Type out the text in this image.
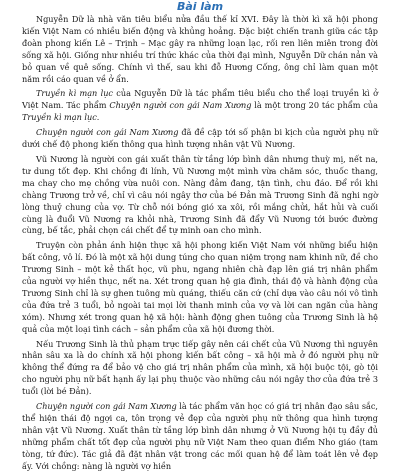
Bài làm

Nguyễn Dữ là nhà văn tiêu biểu nửa đầu thế kỉ XVI. Đây là thời kì xã hội phong kiến Việt Nam có nhiều biến động và khủng hoảng. Đặc biệt chiến tranh giữa các tập đoàn phong kiến Lê – Trịnh – Mạc gây ra những loạn lạc, rối ren liên miên trong đời sống xã hội. Giống như nhiều trí thức khác của thời đại mình, Nguyễn Dữ chán nản và bỏ quan về quê sống. Chính vì thế, sau khi đỗ Hương Cống, ông chỉ làm quan một năm rồi cáo quan về ở ẩn.

Truyền kì mạn lục của Nguyễn Dữ là tác phẩm tiêu biểu cho thể loại truyền kì ở Việt Nam. Tác phẩm Chuyện người con gái Nam Xương là một trong 20 tác phẩm của Truyền kì mạn lục.

Chuyện người con gái Nam Xương đã đề cập tới số phận bi kịch của người phụ nữ dưới chế độ phong kiến thông qua hình tượng nhân vật Vũ Nương.

Vũ Nương là người con gái xuất thân từ tầng lớp bình dân nhưng thuỳ mị, nết na, tư dung tốt đẹp. Khi chồng đi lính, Vũ Nương một mình vừa chăm sóc, thuốc thang, ma chay cho mẹ chồng vừa nuôi con. Nàng đảm đang, tận tình, chu đáo. Để rồi khi chàng Trương trở về, chỉ vì câu nói ngây thơ của bé Đản mà Trương Sinh đã nghi ngờ lòng thuỷ chung của vợ. Từ chỗ nói bóng gió xa xôi, rồi mắng chửi, hắt hủi và cuối cùng là đuổi Vũ Nương ra khỏi nhà, Trương Sinh đã đẩy Vũ Nương tới bước đường cùng, bế tắc, phải chọn cái chết để tự minh oan cho mình.

Truyện còn phản ánh hiện thực xã hội phong kiến Việt Nam với những biểu hiện bất công, vô lí. Đó là một xã hội dung túng cho quan niệm trọng nam khinh nữ, đề cho Trương Sinh – một kẻ thất học, vũ phu, ngang nhiên chà đạp lên giá trị nhân phẩm của người vợ hiền thục, nết na. Xét trong quan hệ gia đình, thái độ và hành động của Trương Sinh chỉ là sự ghen tuông mù quáng, thiếu căn cứ (chỉ dựa vào câu nói vô tình của đứa trẻ 3 tuổi, bỏ ngoài tai mọi lời thanh minh của vợ và lời can ngăn của hàng xóm). Nhưng xét trong quan hệ xã hội: hành động ghen tuông của Trương Sinh là hệ quả của một loại tình cách – sản phẩm của xã hội đương thời.

Nếu Trương Sinh là thủ phạm trực tiếp gây nên cái chết của Vũ Nương thì nguyên nhân sâu xa là do chính xã hội phong kiến bất công – xã hội mà ở đó người phụ nữ không thể đứng ra để bảo vệ cho giá trị nhân phẩm của mình, xã hội buộc tội, gò tội cho người phụ nữ bất hạnh ấy lại phụ thuộc vào những câu nói ngây thơ của đứa trẻ 3 tuổi (lời bé Đản).

Chuyện người con gái Nam Xương là tác phẩm văn học có giá trị nhân đạo sâu sắc, thể hiện thái độ ngợi ca, tôn trọng vẻ đẹp của người phụ nữ thông qua hình tượng nhân vật Vũ Nương. Xuất thân từ tầng lớp bình dân nhưng ở Vũ Nương hội tụ đầy đủ những phẩm chất tốt đẹp của người phụ nữ Việt Nam theo quan điểm Nho giáo (tam tòng, tứ đức). Tác giả đã đặt nhân vật trong các mối quan hệ để làm toát lên vẻ đẹp ấy. Với chồng: nàng là người vợ hiền
